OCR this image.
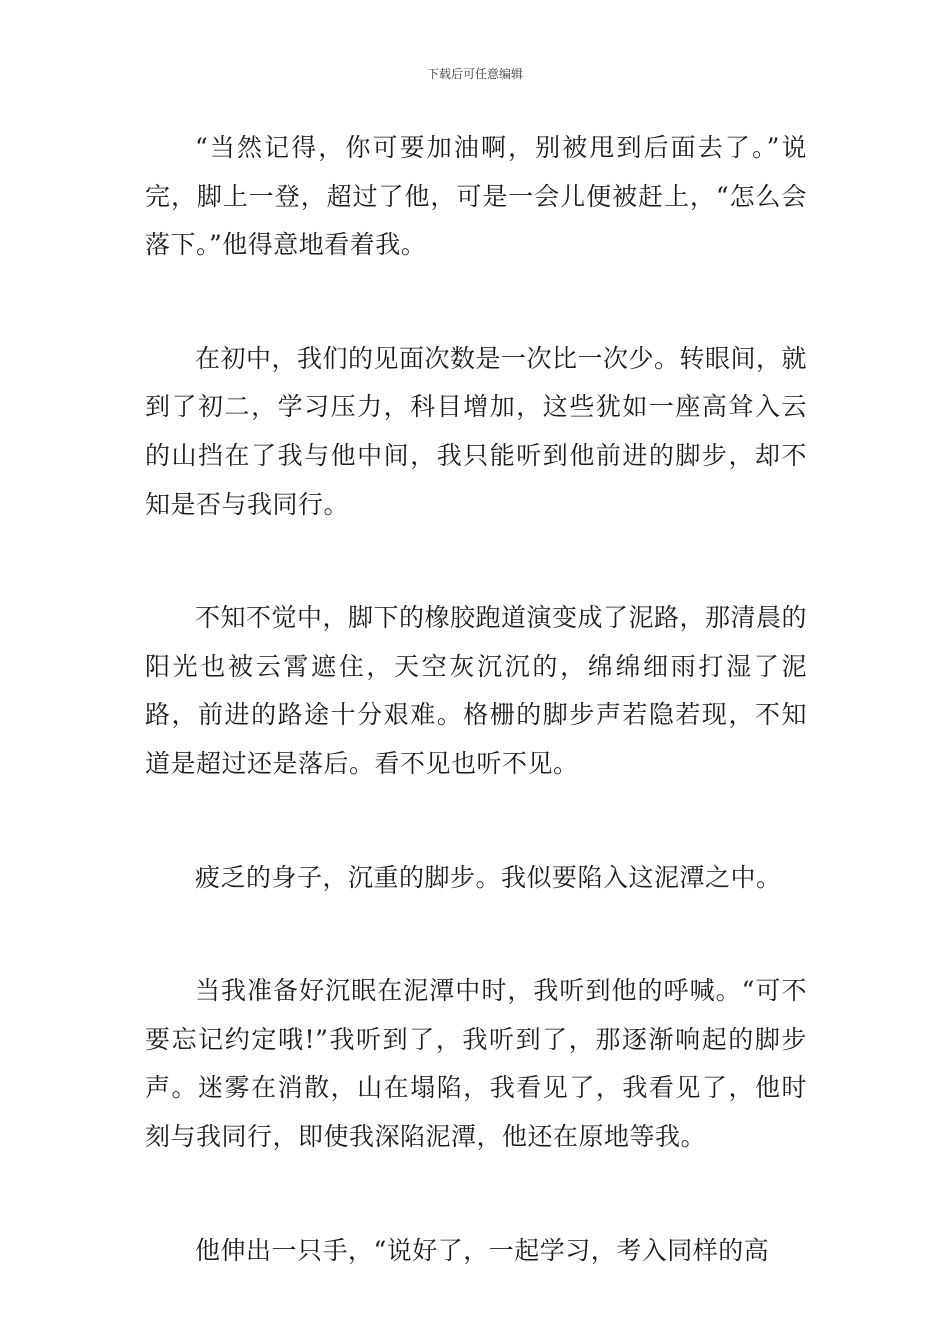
下载后可任意编辑

“当然记得，你可要加油啊，别被甩到后面去了。”说完，脚上一登，超过了他，可是一会儿便被赶上，“怎么会落下。”他得意地看着我。

在初中，我们的见面次数是一次比一次少。转眼间，就到了初二，学习压力，科目增加，这些犹如一座高耸入云的山挡在了我与他中间，我只能听到他前进的脚步，却不知是否与我同行。

不知不觉中，脚下的橡胶跑道演变成了泥路，那清晨的阳光也被云霄遮住，天空灰沉沉的，绵绵细雨打湿了泥路，前进的路途十分艰难。格栅的脚步声若隐若现，不知道是超过还是落后。看不见也听不见。

疲乏的身子，沉重的脚步。我似要陷入这泥潭之中。

当我准备好沉眠在泥潭中时，我听到他的呼喊。“可不要忘记约定哦!”我听到了，我听到了，那逐渐响起的脚步声。迷雾在消散，山在塌陷，我看见了，我看见了，他时刻与我同行，即使我深陷泥潭，他还在原地等我。

他伸出一只手，“说好了，一起学习，考入同样的高
